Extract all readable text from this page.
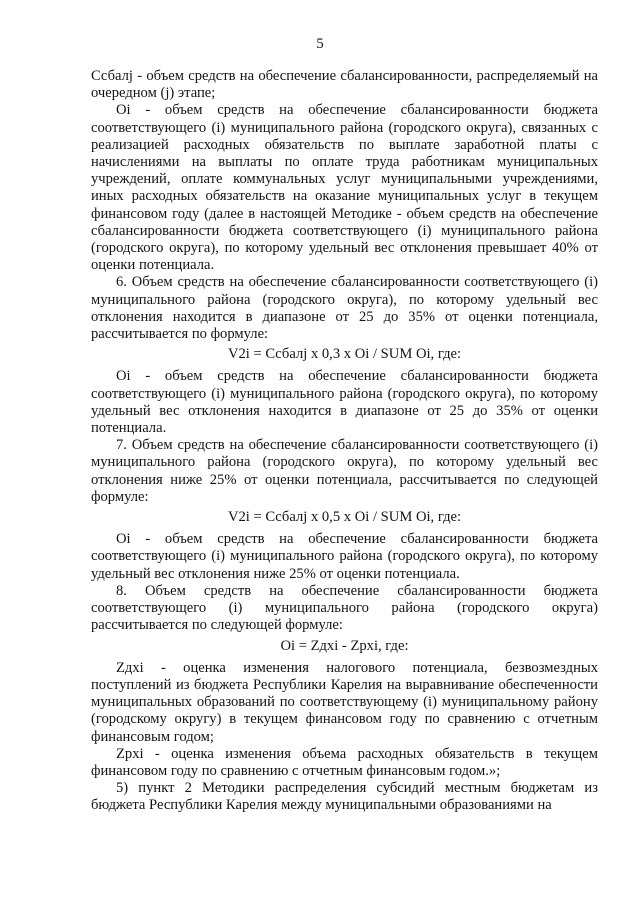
5

Ссбалj - объем средств на обеспечение сбалансированности, распределяемый на очередном (j) этапе;

Oi - объем средств на обеспечение сбалансированности бюджета соответствующего (i) муниципального района (городского округа), связанных с реализацией расходных обязательств по выплате заработной платы с начислениями на выплаты по оплате труда работникам муниципальных учреждений, оплате коммунальных услуг муниципальными учреждениями, иных расходных обязательств на оказание муниципальных услуг в текущем финансовом году (далее в настоящей Методике - объем средств на обеспечение сбалансированности бюджета соответствующего (i) муниципального района (городского округа), по которому удельный вес отклонения превышает 40% от оценки потенциала.

6. Объем средств на обеспечение сбалансированности соответствующего (i) муниципального района (городского округа), по которому удельный вес отклонения находится в диапазоне от 25 до 35% от оценки потенциала, рассчитывается по формуле:

V2i = Ссбалj x 0,3 x Oi / SUM Oi, где:

Oi - объем средств на обеспечение сбалансированности бюджета соответствующего (i) муниципального района (городского округа), по которому удельный вес отклонения находится в диапазоне от 25 до 35% от оценки потенциала.

7. Объем средств на обеспечение сбалансированности соответствующего (i) муниципального района (городского округа), по которому удельный вес отклонения ниже 25% от оценки потенциала, рассчитывается по следующей формуле:

V2i = Ссбалj x 0,5 x Oi / SUM Oi, где:

Oi - объем средств на обеспечение сбалансированности бюджета соответствующего (i) муниципального района (городского округа), по которому удельный вес отклонения ниже 25% от оценки потенциала.

8. Объем средств на обеспечение сбалансированности бюджета соответствующего (i) муниципального района (городского округа) рассчитывается по следующей формуле:

Oi = Zдxi - Zpxi, где:

Zдxi - оценка изменения налогового потенциала, безвозмездных поступлений из бюджета Республики Карелия на выравнивание обеспеченности муниципальных образований по соответствующему (i) муниципальному району (городскому округу) в текущем финансовом году по сравнению с отчетным финансовым годом;

Zpxi - оценка изменения объема расходных обязательств в текущем финансовом году по сравнению с отчетным финансовым годом.»;

5) пункт 2 Методики распределения субсидий местным бюджетам из бюджета Республики Карелия между муниципальными образованиями на
